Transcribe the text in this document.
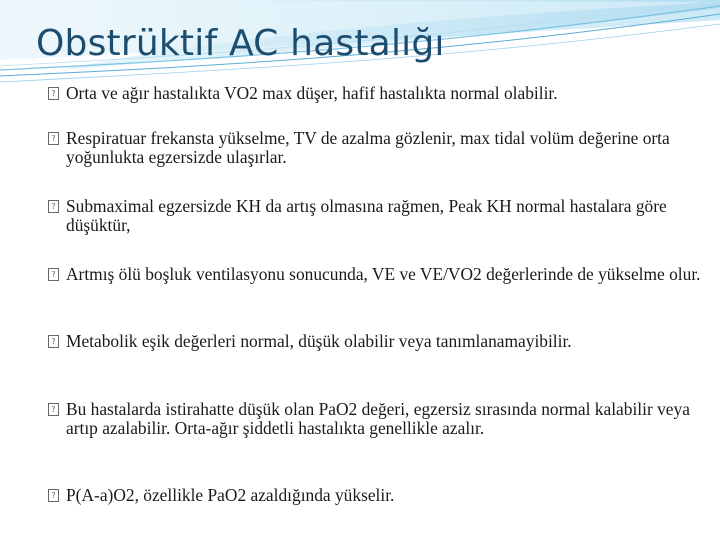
Obstrüktif AC hastalığı
? Orta ve ağır hastalıkta VO2 max düşer, hafif hastalıkta normal olabilir.
? Respiratuar frekansta yükselme, TV de azalma gözlenir, max tidal volüm değerine orta yoğunlukta egzersizde ulaşırlar.
? Submaximal egzersizde KH da artış olmasına rağmen, Peak KH normal hastalara göre düşüktür,
? Artmış ölü boşluk ventilasyonu sonucunda, VE ve VE/VO2 değerlerinde de yükselme olur.
? Metabolik eşik değerleri normal, düşük olabilir veya tanımlanamayibilir.
? Bu hastalarda istirahatte düşük olan PaO2 değeri, egzersiz sırasında normal kalabilir veya artıp azalabilir. Orta-ağır şiddetli hastalıkta genellikle azalır.
? P(A-a)O2, özellikle PaO2 azaldığında yükselir.
